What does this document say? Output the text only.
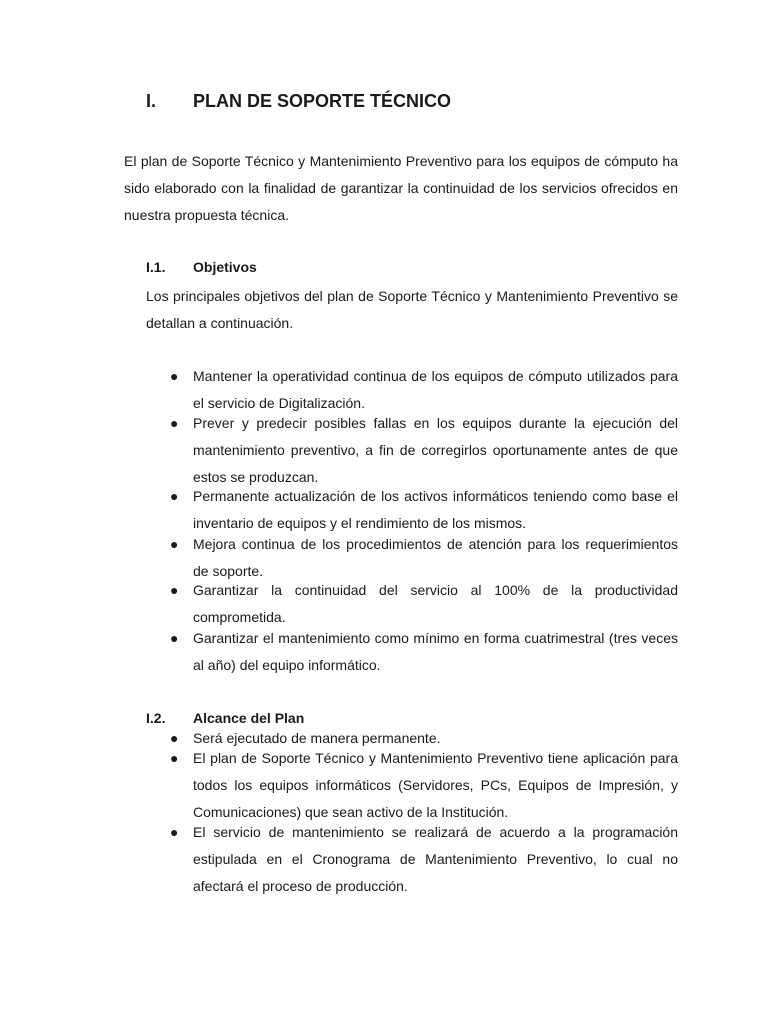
I.	PLAN DE SOPORTE TÉCNICO
El plan de Soporte Técnico y Mantenimiento Preventivo para los equipos de cómputo ha sido elaborado con la finalidad de garantizar la continuidad de los servicios ofrecidos en nuestra propuesta técnica.
I.1.	Objetivos
Los principales objetivos del plan de Soporte Técnico y Mantenimiento Preventivo se detallan a continuación.
●	Mantener la operatividad continua de los equipos de cómputo utilizados para el servicio de Digitalización.
●	Prever y predecir posibles fallas en los equipos durante la ejecución del mantenimiento preventivo, a fin de corregirlos oportunamente antes de que estos se produzcan.
●	Permanente actualización de los activos informáticos teniendo como base el inventario de equipos y el rendimiento de los mismos.
●	Mejora continua de los procedimientos de atención para los requerimientos de soporte.
●	Garantizar la continuidad del servicio al 100% de la productividad comprometida.
●	Garantizar el mantenimiento como mínimo en forma cuatrimestral (tres veces al año) del equipo informático.
I.2.	Alcance del Plan
●	Será ejecutado de manera permanente.
●	El plan de Soporte Técnico y Mantenimiento Preventivo tiene aplicación para todos los equipos informáticos (Servidores, PCs, Equipos de Impresión, y Comunicaciones) que sean activo de la Institución.
●	El servicio de mantenimiento se realizará de acuerdo a la programación estipulada en el Cronograma de Mantenimiento Preventivo, lo cual no afectará el proceso de producción.
